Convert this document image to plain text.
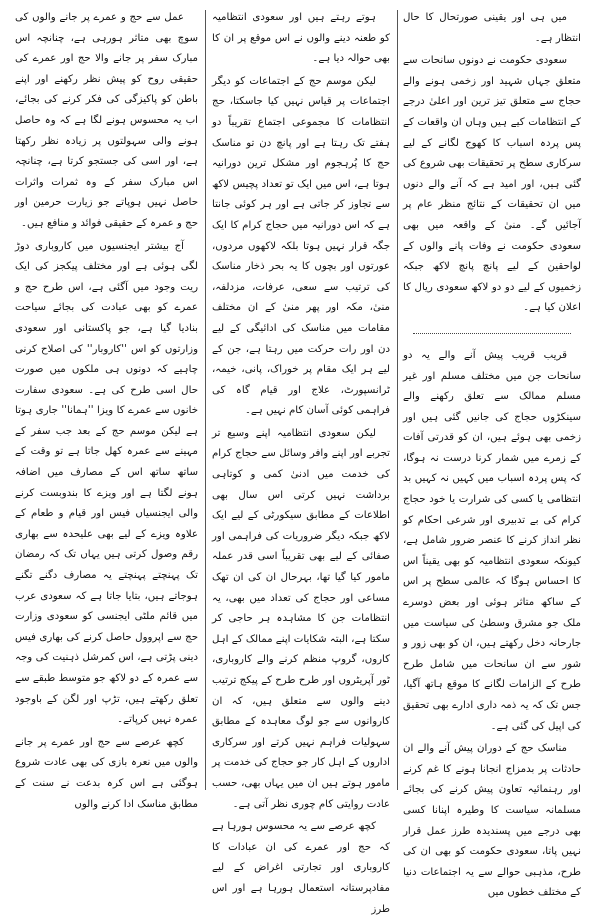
میں ہی اور یقینی صورتحال کا حال انتظار ہے۔

سعودی حکومت نے دونوں سانحات سے متعلق جہاں شہید اور زخمی ہونے والے حجاج سے متعلق تیز ترین اور اعلیٰ درجے کے انتظامات کیے ہیں وہاں ان واقعات کے پس پردہ اسباب کا کھوج لگانے کے لیے سرکاری سطح پر تحقیقات بھی شروع کی گئی ہیں، اور امید ہے کہ آنے والے دنوں میں ان تحقیقات کے نتائج منظر عام پر آجائیں گے۔ منیٰ کے واقعہ میں بھی سعودی حکومت نے وفات پانے والوں کے لواحقین کے لیے پانچ پانچ لاکھ جبکہ زخمیوں کے لیے دو دو لاکھ سعودی ریال کا اعلان کیا ہے۔

قریب قریب پیش آنے والے یہ دو سانحات جن میں مختلف مسلم اور غیر مسلم ممالک سے تعلق رکھنے والے سینکڑوں حجاج کی جانیں گئی ہیں اور زخمی بھی ہوئے ہیں، ان کو قدرتی آفات کے زمرے میں شمار کرنا درست نہ ہوگا، کہ پس پردہ اسباب میں کہیں نہ کہیں بد انتظامی یا کسی کی شرارت یا خود حجاج کرام کی بے تدبیری اور شرعی احکام کو نظر انداز کرنے کا عنصر ضرور شامل ہے، کیونکہ سعودی انتظامیہ کو بھی یقیناً اس کا احساس ہوگا کہ عالمی سطح پر اس کے ساکھ متاثر ہوئی اور بعض دوسرے ملک جو مشرق وسطیٰ کی سیاست میں جارحانہ دخل رکھتے ہیں، ان کو بھی زور و شور سے ان سانحات میں شامل طرح طرح کے الزامات لگانے کا موقع ہاتھ آگیا، جس تک کہ یہ ذمہ داری ادارے بھی تحقیق کی اپیل کی گئی ہے۔

مناسک حج کے دوران پیش آنے والے ان حادثات پر بدمزاج انجانا ہونے کا غم کرنے اور رہنمائیہ تعاون پیش کرنے کی بجائے مسلمانہ سیاست کا وطیرہ اپنانا کسی بھی درجے میں پسندیدہ طرز عمل قرار نہیں پاتا، سعودی حکومت کو بھی ان کی طرح، مذہبی حوالے سے یہ اجتماعات دنیا کے مختلف خطوں میں

ہوتے رہتے ہیں اور سعودی انتظامیہ کو طعنہ دینے والوں نے اس موقع پر ان کا بھی حوالہ دیا ہے۔

لیکن موسم حج کے اجتماعات کو دیگر اجتماعات پر قیاس نہیں کیا جاسکتا، حج انتظامات کا مجموعی اجتماع تقریباً دو ہفتے تک رہتا ہے اور پانچ دن تو مناسک حج کا پُرہجوم اور مشکل ترین دورانیہ ہوتا ہے، اس میں ایک تو تعداد پچیس لاکھ سے تجاوز کر جاتی ہے اور ہر کوئی جانتا ہے کہ اس دورانیہ میں حجاج کرام کا ایک جگہ قرار نہیں ہوتا بلکہ لاکھوں مردوں، عورتوں اور بچوں کا یہ بحر ذخار مناسک کی ترتیب سے سعی، عرفات، مزدلفہ، منیٰ، مکہ اور پھر منیٰ کے ان مختلف مقامات میں مناسک کی ادائیگی کے لیے دن اور رات حرکت میں رہتا ہے، جن کے لیے ہر ایک مقام پر خوراک، پانی، خیمہ، ٹرانسپورٹ، علاج اور قیام گاہ کی فراہمی کوئی آسان کام نہیں ہے۔

لیکن سعودی انتظامیہ اپنے وسیع تر تجربے اور اپنے وافر وسائل سے حجاج کرام کی خدمت میں ادنیٰ کمی و کوتاہی برداشت نہیں کرتی اس سال بھی اطلاعات کے مطابق سیکورٹی کے لیے ایک لاکھ جبکہ دیگر ضروریات کی فراہمی اور صفائی کے لیے بھی تقریباً اسی قدر عملہ مامور کیا گیا تھا، بہرحال ان کی ان تھک مساعی اور حجاج کی تعداد میں بھی، یہ انتظامات جن کا مشاہدہ ہر حاجی کر سکتا ہے، البتہ شکایات اپنے ممالک کے اہل کاروں، گروپ منظم کرنے والے کاروباری، ٹور آپریٹروں اور طرح طرح کے پیکج ترتیب دینے والوں سے متعلق ہیں، کہ ان کاروانوں سے جو لوگ معاہدہ کے مطابق سہولیات فراہم نہیں کرتے اور سرکاری اداروں کے اہل کار جو حجاج کی خدمت پر مامور ہوتے ہیں ان میں یہاں بھی، حسب عادت روایتی کام چوری نظر آتی ہے۔

کچھ عرصے سے یہ محسوس ہورہا ہے کہ حج اور عمرے کی ان عبادات کا کاروباری اور تجارتی اغراض کے لیے مفادپرستانہ استعمال ہورہا ہے اور اس طرز

عمل سے حج و عمرے پر جانے والوں کی سوچ بھی متاثر ہورہی ہے، چنانچہ اس مبارک سفر پر جانے والا حج اور عمرے کی حقیقی روح کو پیش نظر رکھنے اور اپنے باطن کو پاکیزگی کی فکر کرنے کی بجائے، اب یہ محسوس ہونے لگا ہے کہ وہ حاصل ہونے والی سہولتوں پر زیادہ نظر رکھتا ہے، اور اسی کی جستجو کرتا ہے، چنانچہ اس مبارک سفر کے وہ ثمرات واثرات حاصل نہیں ہوپاتے جو زیارت حرمین اور حج و عمرہ کے حقیقی فوائد و منافع ہیں۔

آج بیشتر ایجنسیوں میں کاروباری دوڑ لگی ہوئی ہے اور مختلف پیکجز کی ایک ریت وجود میں آگئی ہے، اس طرح حج و عمرے کو بھی عبادت کی بجائے سیاحت بنادیا گیا ہے، جو پاکستانی اور سعودی وزارتوں کو اس ''کاروبار'' کی اصلاح کرنی چاہیے کہ دونوں ہی ملکوں میں صورت حال اسی طرح کی ہے۔ سعودی سفارت خانوں سے عمرے کا ویزا ''ہمانا'' جاری ہوتا ہے لیکن موسم حج کے بعد جب سفر کے مہینے سے عمرہ کھل جاتا ہے تو وقت کے ساتھ ساتھ اس کے مصارف میں اضافہ ہونے لگتا ہے اور ویزے کا بندوبست کرنے والی ایجنسیاں فیس اور قیام و طعام کے علاوہ ویزے کے لیے بھی علیحدہ سے بھاری رقم وصول کرتی ہیں یہاں تک کہ رمضان تک پہنچتے پہنچتے یہ مصارف دگنے تگنے ہوجاتے ہیں، بتایا جاتا ہے کہ سعودی عرب میں قائم ملٹی ایجنسی کو سعودی وزارت حج سے اپروول حاصل کرنے کی بھاری فیس دینی پڑتی ہے، اس کمرشل ذہنیت کی وجہ سے عمرہ کے دو لاکھ جو متوسط طبقے سے تعلق رکھتے ہیں، تڑپ اور لگن کے باوجود عمرہ نہیں کرپاتے۔

کچھ عرصے سے حج اور عمرے پر جانے والوں میں نعرہ بازی کی بھی عادت شروع ہوگئی ہے اس کرہ بدعت نے سنت کے مطابق مناسک ادا کرنے والوں
